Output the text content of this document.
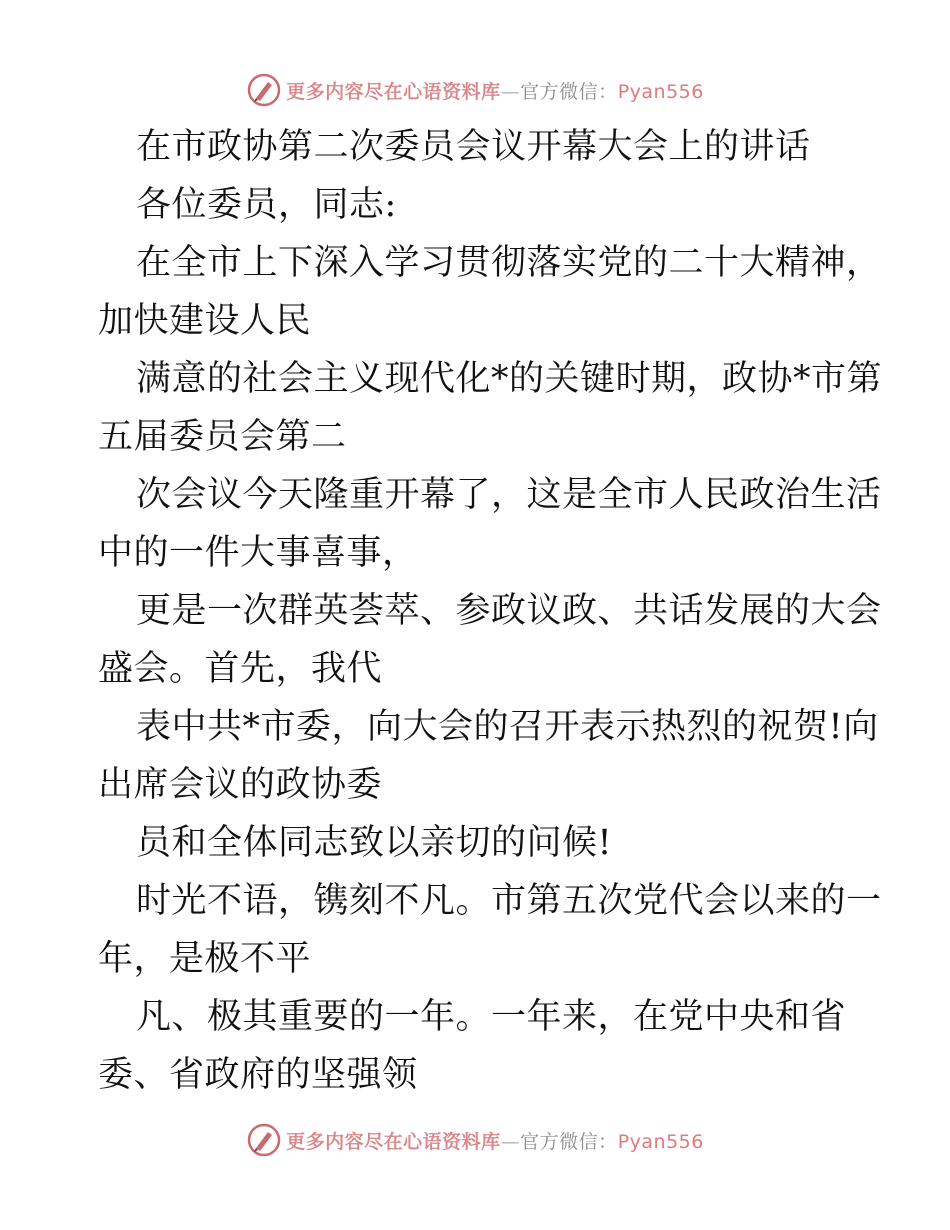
更多内容尽在心语资料库—官方微信：Pyan556
在市政协第二次委员会议开幕大会上的讲话
各位委员，同志:
在全市上下深入学习贯彻落实党的二十大精神，
加快建设人民
满意的社会主义现代化*的关键时期，政协*市第
五届委员会第二
次会议今天隆重开幕了，这是全市人民政治生活
中的一件大事喜事，
更是一次群英荟萃、参政议政、共话发展的大会
盛会。首先，我代
表中共*市委，向大会的召开表示热烈的祝贺!向
出席会议的政协委
员和全体同志致以亲切的问候!
时光不语，镌刻不凡。市第五次党代会以来的一
年，是极不平
凡、极其重要的一年。一年来，在党中央和省
委、省政府的坚强领
更多内容尽在心语资料库—官方微信：Pyan556
